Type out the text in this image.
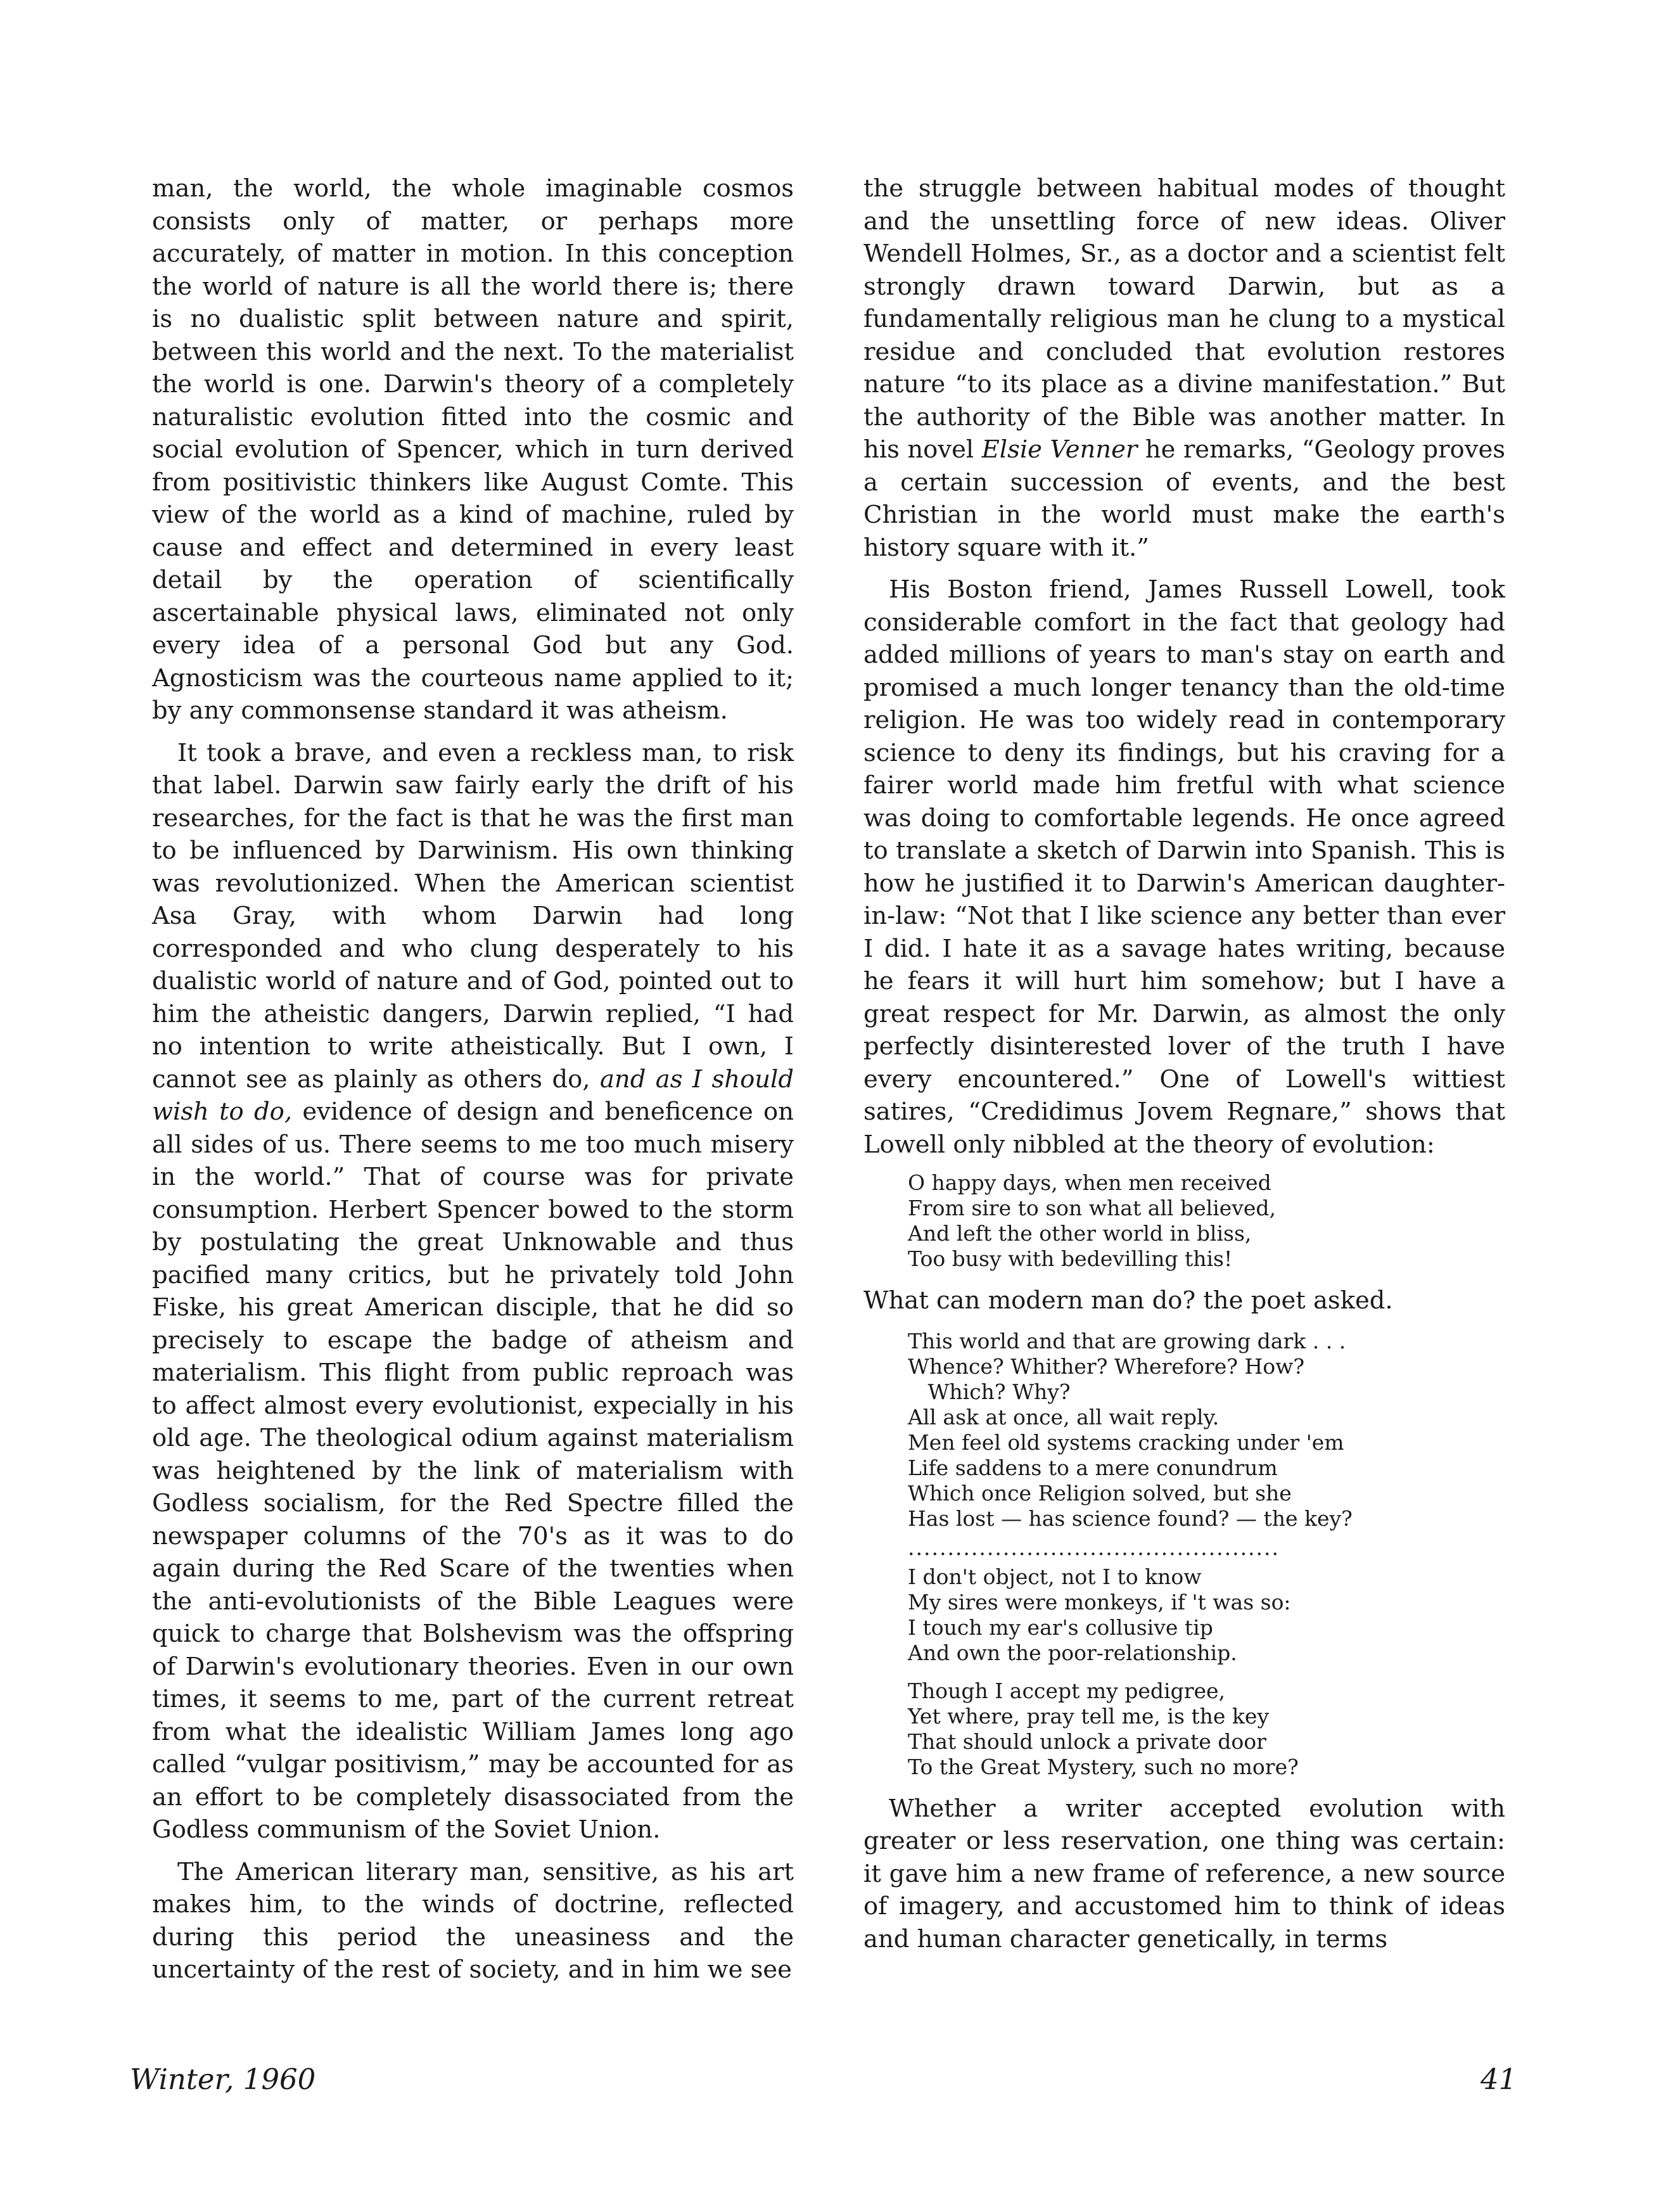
man, the world, the whole imaginable cosmos consists only of matter, or perhaps more accurately, of matter in motion. In this conception the world of nature is all the world there is; there is no dualistic split between nature and spirit, between this world and the next. To the materialist the world is one. Darwin's theory of a completely naturalistic evolution fitted into the cosmic and social evolution of Spencer, which in turn derived from positivistic thinkers like August Comte. This view of the world as a kind of machine, ruled by cause and effect and determined in every least detail by the operation of scientifically ascertainable physical laws, eliminated not only every idea of a personal God but any God. Agnosticism was the courteous name applied to it; by any commonsense standard it was atheism.

It took a brave, and even a reckless man, to risk that label. Darwin saw fairly early the drift of his researches, for the fact is that he was the first man to be influenced by Darwinism. His own thinking was revolutionized. When the American scientist Asa Gray, with whom Darwin had long corresponded and who clung desperately to his dualistic world of nature and of God, pointed out to him the atheistic dangers, Darwin replied, “I had no intention to write atheistically. But I own, I cannot see as plainly as others do, and as I should wish to do, evidence of design and beneficence on all sides of us. There seems to me too much misery in the world.” That of course was for private consumption. Herbert Spencer bowed to the storm by postulating the great Unknowable and thus pacified many critics, but he privately told John Fiske, his great American disciple, that he did so precisely to escape the badge of atheism and materialism. This flight from public reproach was to affect almost every evolutionist, expecially in his old age. The theological odium against materialism was heightened by the link of materialism with Godless socialism, for the Red Spectre filled the newspaper columns of the 70's as it was to do again during the Red Scare of the twenties when the anti-evolutionists of the Bible Leagues were quick to charge that Bolshevism was the offspring of Darwin's evolutionary theories. Even in our own times, it seems to me, part of the current retreat from what the idealistic William James long ago called “vulgar positivism,” may be accounted for as an effort to be completely disassociated from the Godless communism of the Soviet Union.

The American literary man, sensitive, as his art makes him, to the winds of doctrine, reflected during this period the uneasiness and the uncertainty of the rest of society, and in him we see

the struggle between habitual modes of thought and the unsettling force of new ideas. Oliver Wendell Holmes, Sr., as a doctor and a scientist felt strongly drawn toward Darwin, but as a fundamentally religious man he clung to a mystical residue and concluded that evolution restores nature “to its place as a divine manifestation.” But the authority of the Bible was another matter. In his novel Elsie Venner he remarks, “Geology proves a certain succession of events, and the best Christian in the world must make the earth's history square with it.”

His Boston friend, James Russell Lowell, took considerable comfort in the fact that geology had added millions of years to man's stay on earth and promised a much longer tenancy than the old-time religion. He was too widely read in contemporary science to deny its findings, but his craving for a fairer world made him fretful with what science was doing to comfortable legends. He once agreed to translate a sketch of Darwin into Spanish. This is how he justified it to Darwin's American daughter-in-law: “Not that I like science any better than ever I did. I hate it as a savage hates writing, because he fears it will hurt him somehow; but I have a great respect for Mr. Darwin, as almost the only perfectly disinterested lover of the truth I have every encountered.” One of Lowell's wittiest satires, “Credidimus Jovem Regnare,” shows that Lowell only nibbled at the theory of evolution:

O happy days, when men received
From sire to son what all believed,
And left the other world in bliss,
Too busy with bedevilling this!

What can modern man do? the poet asked.

This world and that are growing dark . . .
Whence? Whither? Wherefore? How?
Which? Why?
All ask at once, all wait reply.
Men feel old systems cracking under 'em
Life saddens to a mere conundrum
Which once Religion solved, but she
Has lost — has science found? — the key?
...............................................
I don't object, not I to know
My sires were monkeys, if 't was so:
I touch my ear's collusive tip
And own the poor-relationship.
Though I accept my pedigree,
Yet where, pray tell me, is the key
That should unlock a private door
To the Great Mystery, such no more?

Whether a writer accepted evolution with greater or less reservation, one thing was certain: it gave him a new frame of reference, a new source of imagery, and accustomed him to think of ideas and human character genetically, in terms

Winter, 1960	41
